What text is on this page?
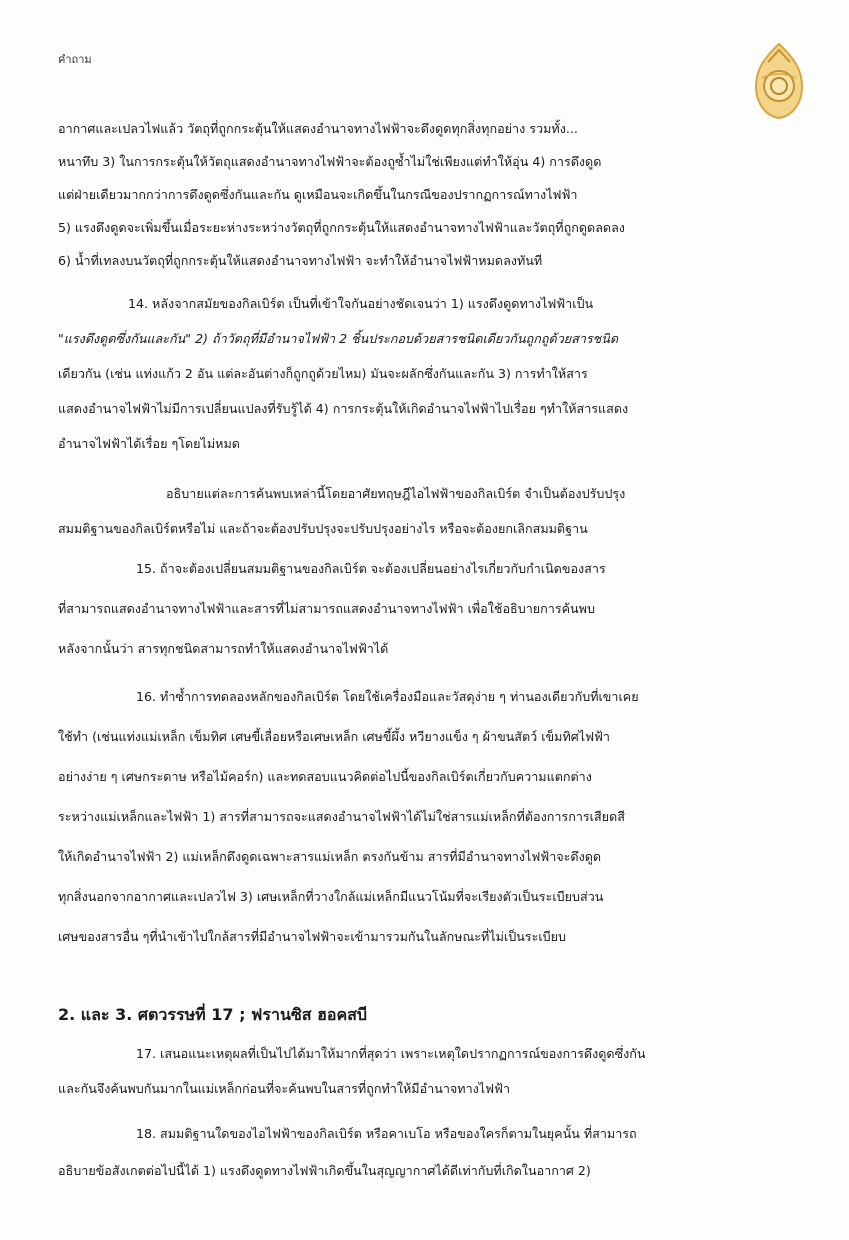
คำถาม
อากาศและเปลวไฟแล้ว วัตถุที่ถูกกระตุ้นให้แสดงอำนาจทางไฟฟ้าจะดึงดูดทุกสิ่งทุกอย่าง รวมทั้ง...
หนาทึบ 3) ในการกระตุ้นให้วัตถุแสดงอำนาจทางไฟฟ้าจะต้องถูซ้ำไม่ใช่เพียงแต่ทำให้อุ่น 4) การดึงดูด
แต่ฝ่ายเดียวมากกว่าการดึงดูดซึ่งกันและกัน ดูเหมือนจะเกิดขึ้นในกรณีของปรากฏการณ์ทางไฟฟ้า
5) แรงดึงดูดจะเพิ่มขึ้นเมื่อระยะห่างระหว่างวัตถุที่ถูกกระตุ้นให้แสดงอำนาจทางไฟฟ้าและวัตถุที่ถูกดูดลดลง
6) น้ำที่เทลงบนวัตถุที่ถูกกระตุ้นให้แสดงอำนาจทางไฟฟ้า จะทำให้อำนาจไฟฟ้าหมดลงทันที
14. หลังจากสมัยของกิลเบิร์ต เป็นที่เข้าใจกันอย่างชัดเจนว่า 1) แรงดึงดูดทางไฟฟ้าเป็น
"แรงดึงดูดซึ่งกันและกัน" 2) ถ้าวัตถุที่มีอำนาจไฟฟ้า 2 ชิ้นประกอบด้วยสารชนิดเดียวกันถูกถูด้วยสารชนิด
เดียวกัน (เช่น แท่งแก้ว 2 อัน แต่ละอันต่างก็ถูกถูด้วยไหม) มันจะผลักซึ่งกันและกัน 3) การทำให้สาร
แสดงอำนาจไฟฟ้าไม่มีการเปลี่ยนแปลงที่รับรู้ได้ 4) การกระตุ้นให้เกิดอำนาจไฟฟ้าไปเรื่อย ๆทำให้สารแสดง
อำนาจไฟฟ้าได้เรื่อย ๆโดยไม่หมด
อธิบายแต่ละการค้นพบเหล่านี้โดยอาศัยทฤษฎีไอไฟฟ้าของกิลเบิร์ต จำเป็นต้องปรับปรุง
สมมติฐานของกิลเบิร์ตหรือไม่ และถ้าจะต้องปรับปรุงจะปรับปรุงอย่างไร หรือจะต้องยกเลิกสมมติฐาน
15. ถ้าจะต้องเปลี่ยนสมมติฐานของกิลเบิร์ต จะต้องเปลี่ยนอย่างไรเกี่ยวกับกำเนิดของสาร
ที่สามารถแสดงอำนาจทางไฟฟ้าและสารที่ไม่สามารถแสดงอำนาจทางไฟฟ้า เพื่อใช้อธิบายการค้นพบ
หลังจากนั้นว่า สารทุกชนิดสามารถทำให้แสดงอำนาจไฟฟ้าได้
16. ทำซ้ำการทดลองหลักของกิลเบิร์ต โดยใช้เครื่องมือและวัสดุง่าย ๆ ท่านองเดียวกับที่เขาเคย
ใช้ทำ (เช่นแท่งแม่เหล็ก เข็มทิศ เศษขี้เลื่อยหรือเศษเหล็ก เศษขี้ผึ้ง หวียางแข็ง ๆ ผ้าขนสัตว์ เข็มทิศไฟฟ้า
อย่างง่าย ๆ เศษกระดาษ หรือไม้คอร์ก) และทดสอบแนวคิดต่อไปนี้ของกิลเบิร์ตเกี่ยวกับความแตกต่าง
ระหว่างแม่เหล็กและไฟฟ้า 1) สารที่สามารถจะแสดงอำนาจไฟฟ้าได้ไม่ใช่สารแม่เหล็กที่ต้องการการเสียดสี
ให้เกิดอำนาจไฟฟ้า 2) แม่เหล็กดึงดูดเฉพาะสารแม่เหล็ก ตรงกันข้าม สารที่มีอำนาจทางไฟฟ้าจะดึงดูด
ทุกสิ่งนอกจากอากาศและเปลวไฟ 3) เศษเหล็กที่วางใกล้แม่เหล็กมีแนวโน้มที่จะเรียงตัวเป็นระเบียบส่วน
เศษของสารอื่น ๆที่นำเข้าไปใกล้สารที่มีอำนาจไฟฟ้าจะเข้ามารวมกันในลักษณะที่ไม่เป็นระเบียบ
2. และ 3. ศตวรรษที่ 17 ; ฟรานซิส ฮอคสบี
17. เสนอแนะเหตุผลที่เป็นไปได้มาให้มากที่สุดว่า เพราะเหตุใดปรากฏการณ์ของการดึงดูดซึ่งกัน
และกันจึงค้นพบกันมากในแม่เหล็กก่อนที่จะค้นพบในสารที่ถูกทำให้มีอำนาจทางไฟฟ้า
18. สมมติฐานใดของไอไฟฟ้าของกิลเบิร์ต หรือคาเบโอ หรือของใครก็ตามในยุคนั้น ที่สามารถ
อธิบายข้อสังเกตต่อไปนี้ได้ 1) แรงดึงดูดทางไฟฟ้าเกิดขึ้นในสุญญากาศได้ดีเท่ากับที่เกิดในอากาศ 2)
